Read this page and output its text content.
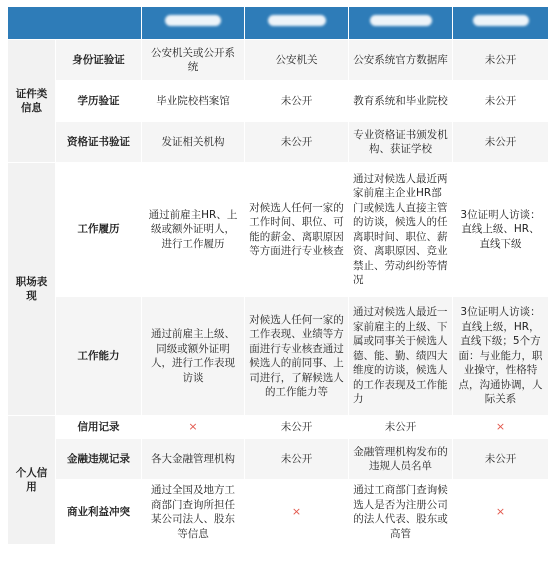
证件类信息	身份证验证	公安机关或公开系统	公安机关	公安系统官方数据库	未公开
	学历验证	毕业院校档案馆	未公开	教育系统和毕业院校	未公开
	资格证书验证	发证相关机构	未公开	专业资格证书颁发机构、获证学校	未公开
职场表现	工作履历	通过前雇主HR、上级或额外证明人，进行工作履历	对候选人任何一家的工作时间、职位、可能的薪金、离职原因等方面进行专业核查	通过对候选人最近两家前雇主企业HR部门或候选人直接主管的访谈，候选人的任离职时间、职位、薪资、离职原因、竞业禁止、劳动纠纷等情况	3位证明人访谈：直线上级、HR、直线下级
	工作能力	通过前雇主上级、同级或额外证明人，进行工作表现访谈	对候选人任何一家的工作表现、业绩等方面进行专业核查通过候选人的前同事、上司进行，了解候选人的工作能力等	通过对候选人最近一家前雇主的上级、下属或同事关于候选人德、能、勤、绩四大维度的访谈，候选人的工作表现及工作能力	3位证明人访谈：直线上级，HR，直线下级；5个方面：与业能力，职业操守，性格特点，沟通协调，人际关系
个人信用	信用记录	×	未公开	未公开	×
	金融违规记录	各大金融管理机构	未公开	金融管理机构发布的违规人员名单	未公开
	商业利益冲突	通过全国及地方工商部门查询所担任某公司法人、股东等信息	×	通过工商部门查询候选人是否为注册公司的法人代表、股东或高管	×
